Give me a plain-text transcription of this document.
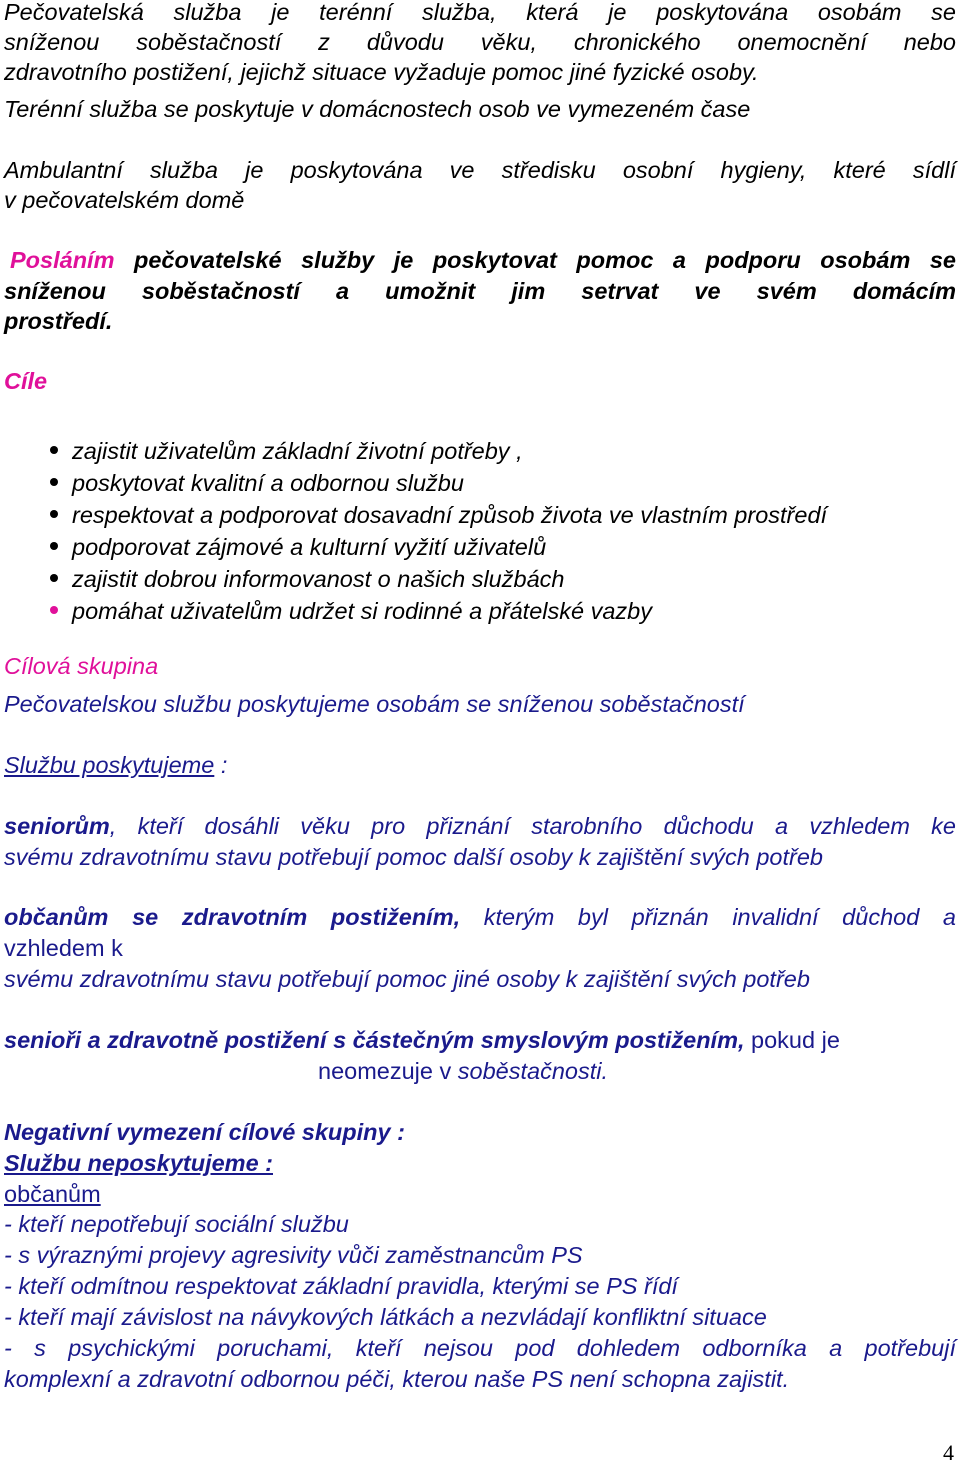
Pečovatelská služba je terénní služba, která je poskytována osobám se
sníženou soběstačností z důvodu věku, chronického onemocnění nebo
zdravotního postižení, jejichž situace vyžaduje pomoc jiné fyzické osoby.
Terénní služba se poskytuje v domácnostech osob ve vymezeném čase
Ambulantní služba je poskytována ve středisku osobní hygieny, které sídlí
v pečovatelském domě
Posláním pečovatelské služby je poskytovat pomoc a podporu osobám se
sníženou soběstačností a umožnit jim setrvat ve svém domácím
prostředí.
Cíle
zajistit uživatelům základní životní potřeby ,
poskytovat kvalitní a odbornou službu
respektovat a podporovat dosavadní způsob života ve vlastním prostředí
podporovat zájmové a kulturní vyžití uživatelů
zajistit dobrou informovanost o našich službách
pomáhat uživatelům udržet si rodinné a přátelské vazby
Cílová skupina
Pečovatelskou službu poskytujeme osobám se sníženou soběstačností
Službu poskytujeme :
seniorům, kteří dosáhli věku pro přiznání starobního důchodu a vzhledem ke
svému zdravotnímu stavu potřebují pomoc další osoby k zajištění svých potřeb
občanům se zdravotním postižením, kterým byl přiznán invalidní důchod a
vzhledem k
svému zdravotnímu stavu potřebují pomoc jiné osoby k zajištění svých potřeb
senioři a zdravotně postižení s částečným smyslovým postižením, pokud je
neomezuje v soběstačnosti.
Negativní vymezení cílové skupiny :
Službu neposkytujeme :
občanům
- kteří nepotřebují sociální službu
- s výraznými projevy agresivity vůči zaměstnancům PS
- kteří odmítnou respektovat základní pravidla, kterými se PS řídí
- kteří mají závislost na návykových látkách a nezvládají konfliktní situace
- s psychickými poruchami, kteří nejsou pod dohledem odborníka a potřebují
komplexní a zdravotní odbornou péči, kterou naše PS není schopna zajistit.
4
